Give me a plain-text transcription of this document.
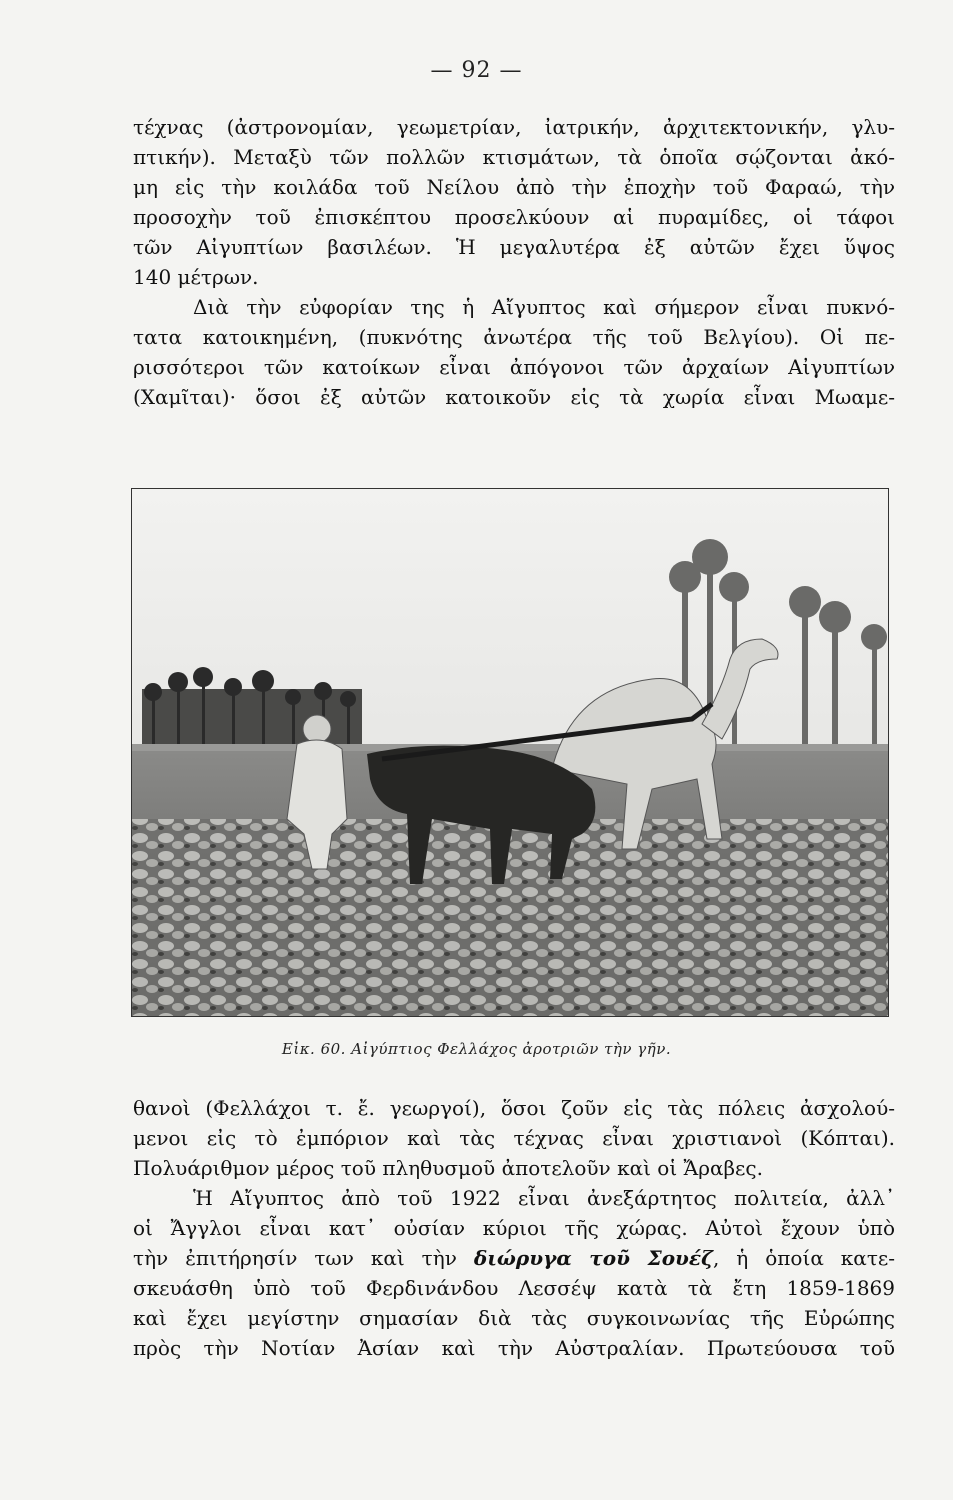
— 92 —
τέχνας (ἀστρονομίαν, γεωμετρίαν, ἰατρικήν, ἀρχιτεκτονικήν, γλυ-
πτικήν). Μεταξὺ τῶν πολλῶν κτισμάτων, τὰ ὁποῖα σῴζονται ἀκό-
μη εἰς τὴν κοιλάδα τοῦ Νείλου ἀπὸ τὴν ἐποχὴν τοῦ Φαραώ, τὴν
προσοχὴν τοῦ ἐπισκέπτου προσελκύουν αἱ πυραμίδες, οἱ τάφοι
τῶν Αἰγυπτίων βασιλέων. Ἡ μεγαλυτέρα ἐξ αὐτῶν ἔχει ὕψος
140 μέτρων.
Διὰ τὴν εὐφορίαν της ἡ Αἴγυπτος καὶ σήμερον εἶναι πυκνό-
τατα κατοικημένη, (πυκνότης ἀνωτέρα τῆς τοῦ Βελγίου). Οἱ πε-
ρισσότεροι τῶν κατοίκων εἶναι ἀπόγονοι τῶν ἀρχαίων Αἰγυπτίων
(Χαμῖται)· ὅσοι ἐξ αὐτῶν κατοικοῦν εἰς τὰ χωρία εἶναι Μωαμε-
Εἰκ. 60. Αἰγύπτιος Φελλάχος ἀροτριῶν τὴν γῆν.
θανοὶ (Φελλάχοι τ. ἔ. γεωργοί), ὅσοι ζοῦν εἰς τὰς πόλεις ἀσχολού-
μενοι εἰς τὸ ἐμπόριον καὶ τὰς τέχνας εἶναι χριστιανοὶ (Κόπται).
Πολυάριθμον μέρος τοῦ πληθυσμοῦ ἀποτελοῦν καὶ οἱ Ἄραβες.
Ἡ Αἴγυπτος ἀπὸ τοῦ 1922 εἶναι ἀνεξάρτητος πολιτεία, ἀλλ᾽
οἱ Ἄγγλοι εἶναι κατ᾽ οὐσίαν κύριοι τῆς χώρας. Αὐτοὶ ἔχουν ὑπὸ
τὴν ἐπιτήρησίν των καὶ τὴν διώρυγα τοῦ Σουέζ, ἡ ὁποία κατε-
σκευάσθη ὑπὸ τοῦ Φερδινάνδου Λεσσέψ κατὰ τὰ ἔτη 1859-1869
καὶ ἔχει μεγίστην σημασίαν διὰ τὰς συγκοινωνίας τῆς Εὐρώπης
πρὸς τὴν Νοτίαν Ἀσίαν καὶ τὴν Αὐστραλίαν. Πρωτεύουσα τοῦ
